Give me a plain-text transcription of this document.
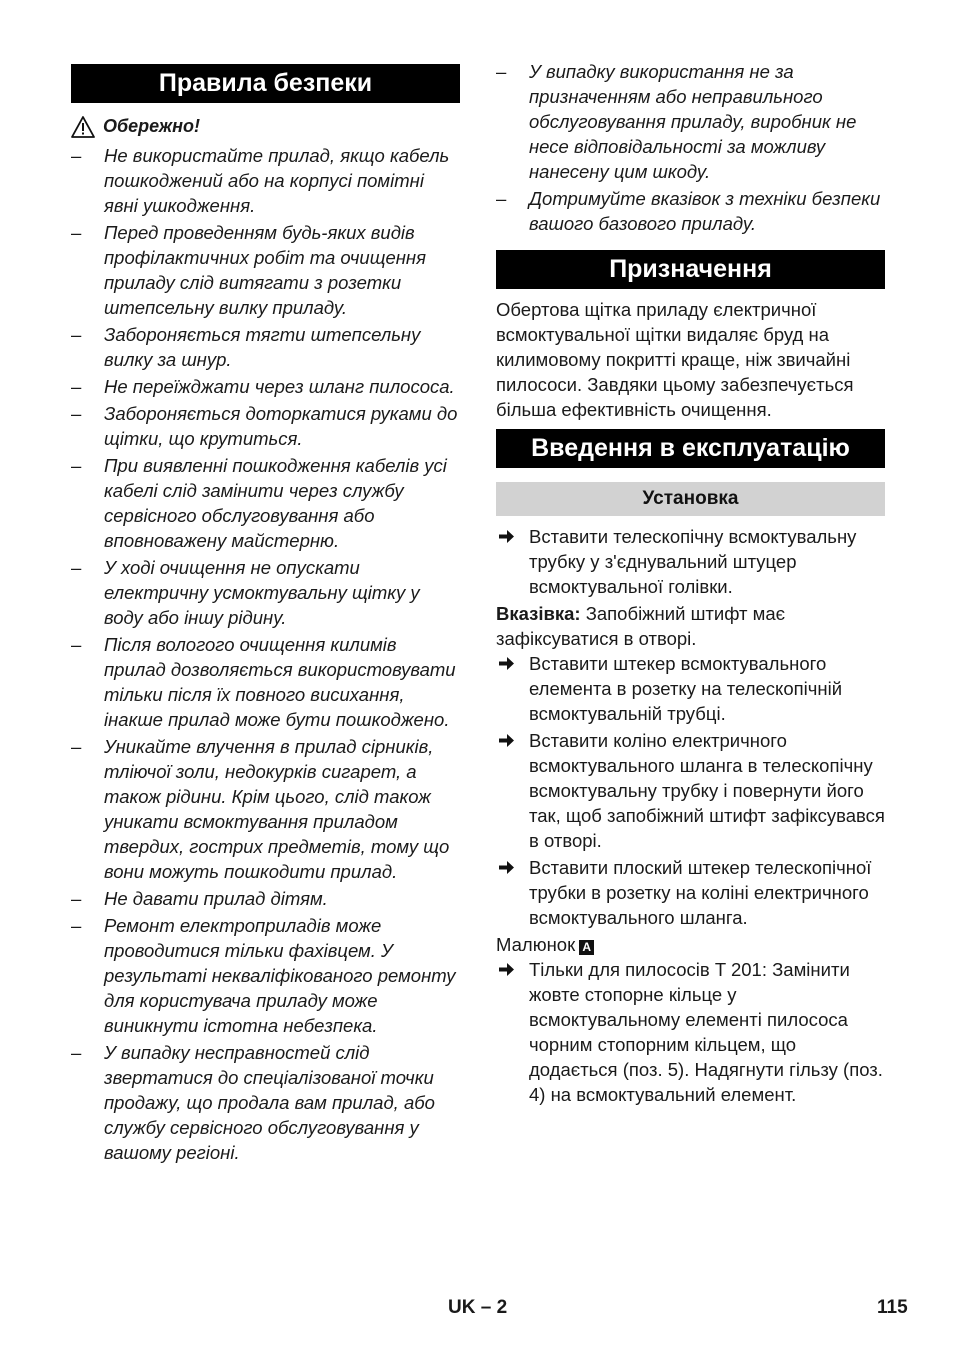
Правила безпеки
Обережно!
– Не використайте прилад, якщо кабель пошкоджений або на корпусі помітні явні ушкодження.
– Перед проведенням будь-яких видів профілактичних робіт та очищення приладу слід витягати з розетки штепсельну вилку приладу.
– Забороняється тягти штепсельну вилку за шнур.
– Не переїжджати через шланг пилососа.
– Забороняється доторкатися руками до щітки, що крутиться.
– При виявленні пошкодження кабелів усі кабелі слід замінити через службу сервісного обслуговування або вповноважену майстерню.
– У ході очищення не опускати електричну усмоктувальну щітку у воду або іншу рідину.
– Після вологого очищення килимів прилад дозволяється використовувати тільки після їх повного висихання, інакше прилад може бути пошкоджено.
– Уникайте влучення в прилад сірників, тліючої золи, недокурків сигарет, а також рідини. Крім цього, слід також уникати всмоктування приладом твердих, гострих предметів, тому що вони можуть пошкодити прилад.
– Не давати прилад дітям.
– Ремонт електроприладів може проводитися тільки фахівцем. У результаті некваліфікованого ремонту для користувача приладу може виникнути істотна небезпека.
– У випадку несправностей слід звертатися до спеціалізованої точки продажу, що продала вам прилад, або службу сервісного обслуговування у вашому регіоні.
– У випадку використання не за призначенням або неправильного обслуговування приладу, виробник не несе відповідальності за можливу нанесену цим шкоду.
– Дотримуйте вказівок з техніки безпеки вашого базового приладу.
Призначення

Обертова щітка приладу єлектричної всмоктувальної щітки видаляє бруд на килимовому покритті краще, ніж звичайні пилососи. Завдяки цьому забезпечується більша ефективність очищення.

Введення в експлуатацію
Установка
Вставити телескопічну всмоктувальну трубку у з'єднувальний штуцер всмоктувальної голівки.

Вказівка: Запобіжний штифт має зафіксуватися в отворі.

Вставити штекер всмоктувального елемента в розетку на телескопічній всмоктувальній трубці.
Вставити коліно електричного всмоктувального шланга в телескопічну всмоктувальну трубку і повернути його так, щоб запобіжний штифт зафіксувався в отворі.
Вставити плоский штекер телескопічної трубки в розетку на коліні електричного всмоктувального шланга.

Малюнок A

Тільки для пилососів T 201: Замінити жовте стопорне кільце у всмоктувальному елементі пилососа чорним стопорним кільцем, що додається (поз. 5). Надягнути гільзу (поз. 4) на всмоктувальний елемент.
UK – 2	115
